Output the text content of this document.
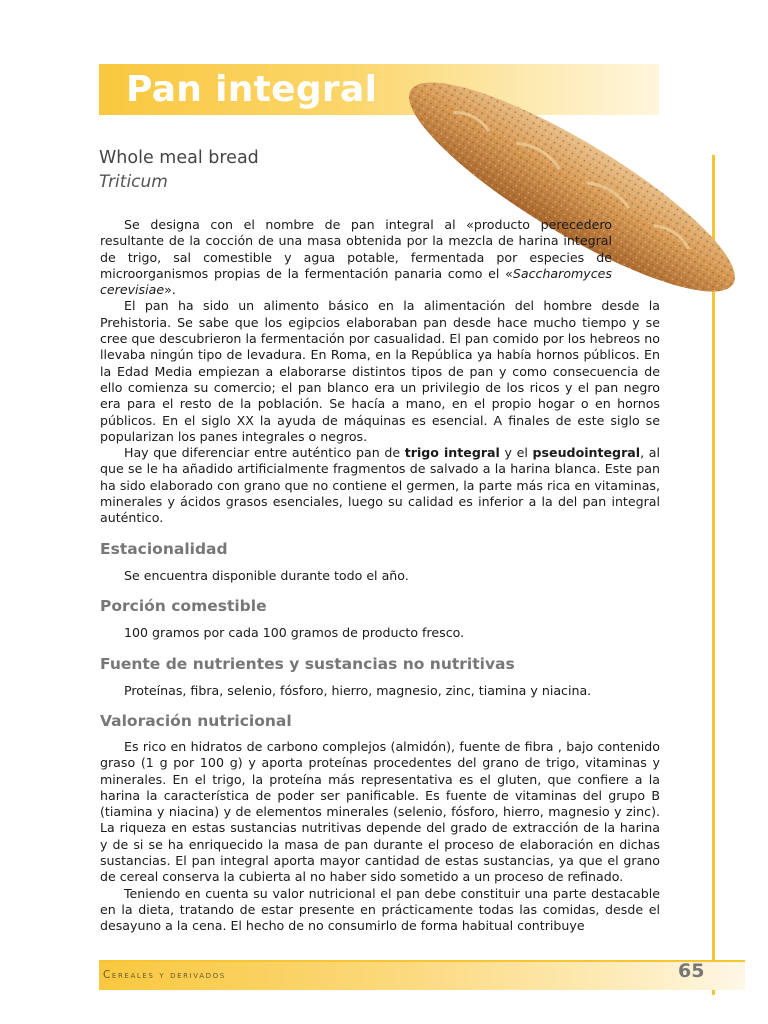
Pan integral
Whole meal bread
Triticum

Se designa con el nombre de pan integral al «producto perecedero resultante de la cocción de una masa obtenida por la mezcla de harina integral de trigo, sal comestible y agua potable, fermentada por especies de microorganismos propias de la fermentación panaria como el «Saccharomyces cerevisiae».

El pan ha sido un alimento básico en la alimentación del hombre desde la Prehistoria. Se sabe que los egipcios elaboraban pan desde hace mucho tiempo y se cree que descubrieron la fermentación por casualidad. El pan comido por los hebreos no llevaba ningún tipo de levadura. En Roma, en la República ya había hornos públicos. En la Edad Media empiezan a elaborarse distintos tipos de pan y como consecuencia de ello comienza su comercio; el pan blanco era un privilegio de los ricos y el pan negro era para el resto de la población. Se hacía a mano, en el propio hogar o en hornos públicos. En el siglo XX la ayuda de máquinas es esencial. A finales de este siglo se popularizan los panes integrales o negros.

Hay que diferenciar entre auténtico pan de trigo integral y el pseudointegral, al que se le ha añadido artificialmente fragmentos de salvado a la harina blanca. Este pan ha sido elaborado con grano que no contiene el germen, la parte más rica en vitaminas, minerales y ácidos grasos esenciales, luego su calidad es inferior a la del pan integral auténtico.

Estacionalidad
Se encuentra disponible durante todo el año.
Porción comestible
100 gramos por cada 100 gramos de producto fresco.
Fuente de nutrientes y sustancias no nutritivas
Proteínas, fibra, selenio, fósforo, hierro, magnesio, zinc, tiamina y niacina.
Valoración nutricional

Es rico en hidratos de carbono complejos (almidón), fuente de fibra , bajo contenido graso (1 g por 100 g) y aporta proteínas procedentes del grano de trigo, vitaminas y minerales. En el trigo, la proteína más representativa es el gluten, que confiere a la harina la característica de poder ser panificable. Es fuente de vitaminas del grupo B (tiamina y niacina) y de elementos minerales (selenio, fósforo, hierro, magnesio y zinc). La riqueza en estas sustancias nutritivas depende del grado de extracción de la harina y de si se ha enriquecido la masa de pan durante el proceso de elaboración en dichas sustancias. El pan integral aporta mayor cantidad de estas sustancias, ya que el grano de cereal conserva la cubierta al no haber sido sometido a un proceso de refinado.

Teniendo en cuenta su valor nutricional el pan debe constituir una parte destacable en la dieta, tratando de estar presente en prácticamente todas las comidas, desde el desayuno a la cena. El hecho de no consumirlo de forma habitual contribuye

Cereales y derivados	65
